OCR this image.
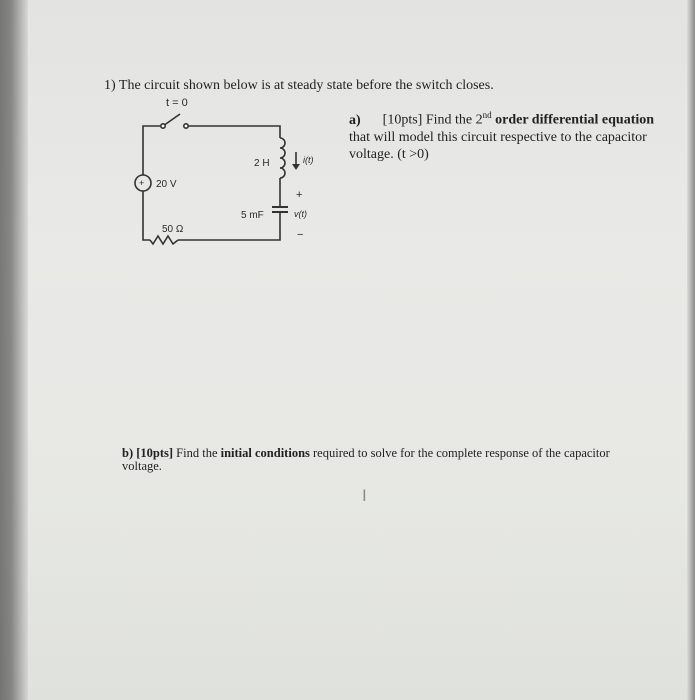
1) The circuit shown below is at steady state before the switch closes.
a) [10pts] Find the 2nd order differential equation that will model this circuit respective to the capacitor voltage. (t >0)
t = 0
+ 20 V
50 Ω
2 H	i(t)
+
5 mF	v(t)
−
b) [10pts] Find the initial conditions required to solve for the complete response of the capacitor voltage.
I
